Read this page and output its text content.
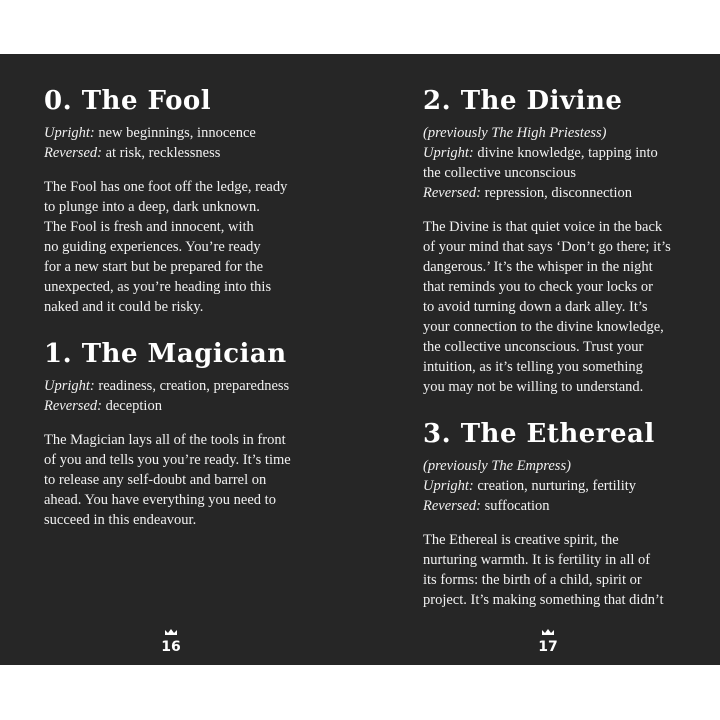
0. The Fool
Upright: new beginnings, innocence
Reversed: at risk, recklessness
The Fool has one foot off the ledge, ready
to plunge into a deep, dark unknown.
The Fool is fresh and innocent, with
no guiding experiences. You’re ready
for a new start but be prepared for the
unexpected, as you’re heading into this
naked and it could be risky.
1. The Magician
Upright: readiness, creation, preparedness
Reversed: deception
The Magician lays all of the tools in front
of you and tells you you’re ready. It’s time
to release any self-doubt and barrel on
ahead. You have everything you need to
succeed in this endeavour.
16
2. The Divine
(previously The High Priestess)
Upright: divine knowledge, tapping into
the collective unconscious
Reversed: repression, disconnection
The Divine is that quiet voice in the back
of your mind that says ‘Don’t go there; it’s
dangerous.’ It’s the whisper in the night
that reminds you to check your locks or
to avoid turning down a dark alley. It’s
your connection to the divine knowledge,
the collective unconscious. Trust your
intuition, as it’s telling you something
you may not be willing to understand.
3. The Ethereal
(previously The Empress)
Upright: creation, nurturing, fertility
Reversed: suffocation
The Ethereal is creative spirit, the
nurturing warmth. It is fertility in all of
its forms: the birth of a child, spirit or
project. It’s making something that didn’t
17
